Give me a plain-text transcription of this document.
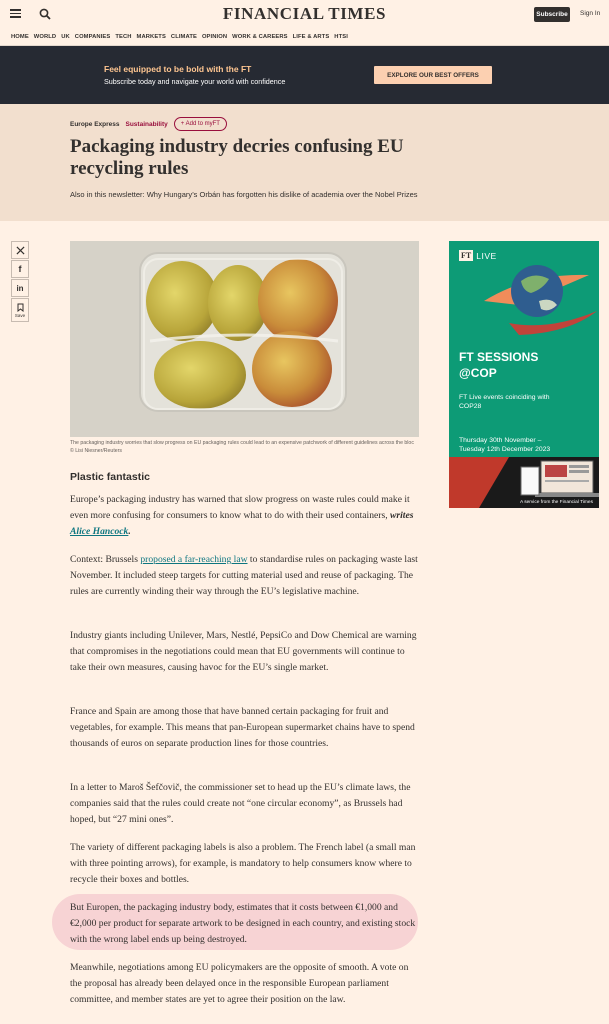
FINANCIAL TIMES	Subscribe	Sign In
HOME WORLD UK COMPANIES TECH MARKETS CLIMATE OPINION WORK & CAREERS LIFE & ARTS HTSI
Feel equipped to be bold with the FT
Subscribe today and navigate your world with confidence
EXPLORE OUR BEST OFFERS
Europe Express Sustainability	+ Add to myFT
Packaging industry decries confusing EU recycling rules

Also in this newsletter: Why Hungary’s Orbán has forgotten his dislike of academia over the Nobel Prizes

f
in
Save

The packaging industry worries that slow progress on EU packaging rules could lead to an expensive patchwork of different guidelines across the bloc © Lisi Niesner/Reuters

Plastic fantastic

Europe’s packaging industry has warned that slow progress on waste rules could make it even more confusing for consumers to know what to do with their used containers, writes Alice Hancock.

Context: Brussels proposed a far-reaching law to standardise rules on packaging waste last November. It included steep targets for cutting material used and reuse of packaging. The rules are currently winding their way through the EU’s legislative machine.

Industry giants including Unilever, Mars, Nestlé, PepsiCo and Dow Chemical are warning that compromises in the negotiations could mean that EU governments will continue to take their own measures, causing havoc for the EU’s single market.

France and Spain are among those that have banned certain packaging for fruit and vegetables, for example. This means that pan-European supermarket chains have to spend thousands of euros on separate production lines for those countries.

In a letter to Maroš Šefčovič, the commissioner set to head up the EU’s climate laws, the companies said that the rules could create not “one circular economy”, as Brussels had hoped, but “27 mini ones”.

The variety of different packaging labels is also a problem. The French label (a small man with three pointing arrows), for example, is mandatory to help consumers know where to recycle their boxes and bottles.

But Europen, the packaging industry body, estimates that it costs between €1,000 and €2,000 per product for separate artwork to be designed in each country, and existing stock with the wrong label ends up being destroyed.

Meanwhile, negotiations among EU policymakers are the opposite of smooth. A vote on the proposal has already been delayed once in the responsible European parliament committee, and member states are yet to agree their position on the law.

FT LIVE
FT SESSIONS
@COP
FT Live events coinciding with COP28
Thursday 30th November –
Tuesday 12th December 2023
A service from the Financial Times
